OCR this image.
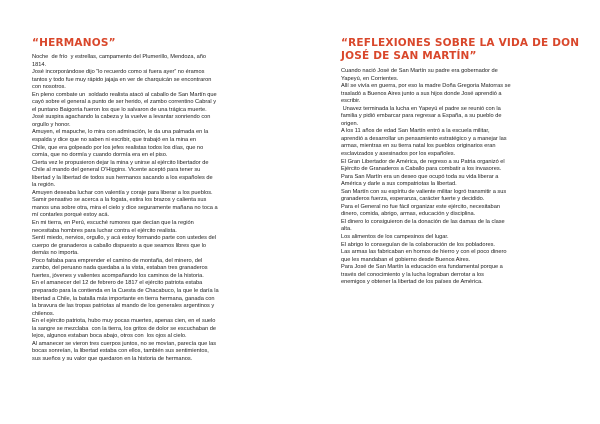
“HERMANOS”
Noche  de frío  y estrellas, campamento del Plumerillo, Mendoza, año
1814.
José incorporándose dijo “lo recuerdo como si fuera ayer” no éramos
tantos y todo fue muy rápido jajaja en ver de charquicán se encontraron
con nosotros.
En pleno combate un  soldado realista atacó al caballo de San Martín que
cayó sobre el general a punto de ser herido, el zambo correntino Cabral y
el puntano Baigorria fueron los que lo salvaron de una trágica muerte.
José suspira agachando la cabeza y la vuelve a levantar sonriendo con
orgullo y honor.
Amuyen, el mapuche, lo mira con admiración, le da una palmada en la
espalda y dice que no saben ni escribir, que trabajó en la mina en
Chile, que era golpeado por los jefes realistas todos los días, que no
comía, que no dormía y cuando dormía era en el piso.
Cierta vez le propusieron dejar la mina y unirse al ejército libertador de
Chile al mando del general O’Higgins. Vicente aceptó para tener su
libertad y la libertad de todos sus hermanos sacando a los españoles de
la región.
Amuyen deseaba luchar con valentía y coraje para liberar a los pueblos.
Samir pensativo se acerca a la fogata, estira los brazos y calienta sus
manos una sobre otra, mira el cielo y dice seguramente mañana no toca a
mí contarles porqué estoy acá.
En mi tierra, en Perú, escuché rumores que decían que la región
necesitaba hombres para luchar contra el ejército realista.
Sentí miedo, nervios, orgullo, y acá estoy formando parte con ustedes del
cuerpo de granaderos a caballo dispuesto a que seamos libres que lo
demás no importa.
Poco faltaba para emprender el camino de montaña, del minero, del
zambo, del peruano nada quedaba a la vista, estaban tres granaderos
fuertes, jóvenes y valientes acompañando los caminos de la historia.
En el amanecer del 12 de febrero de 1817 el ejército patriota estaba
preparado para la contienda en la Cuesta de Chacabuco, la que le daría la
libertad a Chile, la batalla más importante en tierra hermana, ganada con
la bravura de las tropas patriotas al mando de los generales argentinos y
chilenos.
En el ejército patriota, hubo muy pocas muertes, apenas cien, en el suelo
la sangre se mezclaba  con la tierra, los gritos de dolor se escuchaban de
lejos, algunos estaban boca abajo, otros con  los ojos al cielo.
Al amanecer se vieron tres cuerpos juntos, no se movían, parecía que las
bocas sonreían, la libertad estaba con ellos, también sus sentimientos,
sus sueños y su valor que quedaron en la historia de hermanos.
“REFLEXIONES SOBRE LA VIDA DE DON
JOSÉ DE SAN MARTÍN”
Cuando nació José de San Martín su padre era gobernador de
Yapeyú, en Corrientes.
Allí se vivía en guerra, por eso la madre Doña Gregoria Matorras se
trasladó a Buenos Aires junto a sus hijos donde José aprendió a
escribir.
Unavez terminada la lucha en Yapeyú el padre se reunió con la
familia y pidió embarcar para regresar a España, a su pueblo de
origen.
A los 11 años de edad San Martín entró a la escuela militar,
aprendió a desarrollar un pensamiento estratégico y a manejar las
armas, mientras en su tierra natal los pueblos originarios eran
esclavizados y asesinados por los españoles.
El Gran Libertador de América, de regreso a su Patria organizó el
Ejército de Granaderos a Caballo para combatir a los invasores.
Para San Martín era un deseo que ocupó toda su vida liberar a
América y darle a sus compatriotas la libertad.
San Martín con su espíritu de valiente militar logró transmitir a sus
granaderos fuerza, esperanza, carácter fuerte y decidido.
Para el General no fue fácil organizar este ejército, necesitaban
dinero, comida, abrigo, armas, educación y disciplina.
El dinero lo consiguieron de la donación de las damas de la clase
alta.
Los alimentos de los campesinos del lugar.
El abrigo lo conseguían de la colaboración de los pobladores.
Las armas las fabricaban en hornos de hierro y con el poco dinero
que les mandaban el gobierno desde Buenos Aires.
Para José de San Martín la educación era fundamental porque a
través del conocimiento y la lucha lograban derrotar a los
enemigos y obtener la libertad de los países de América.
